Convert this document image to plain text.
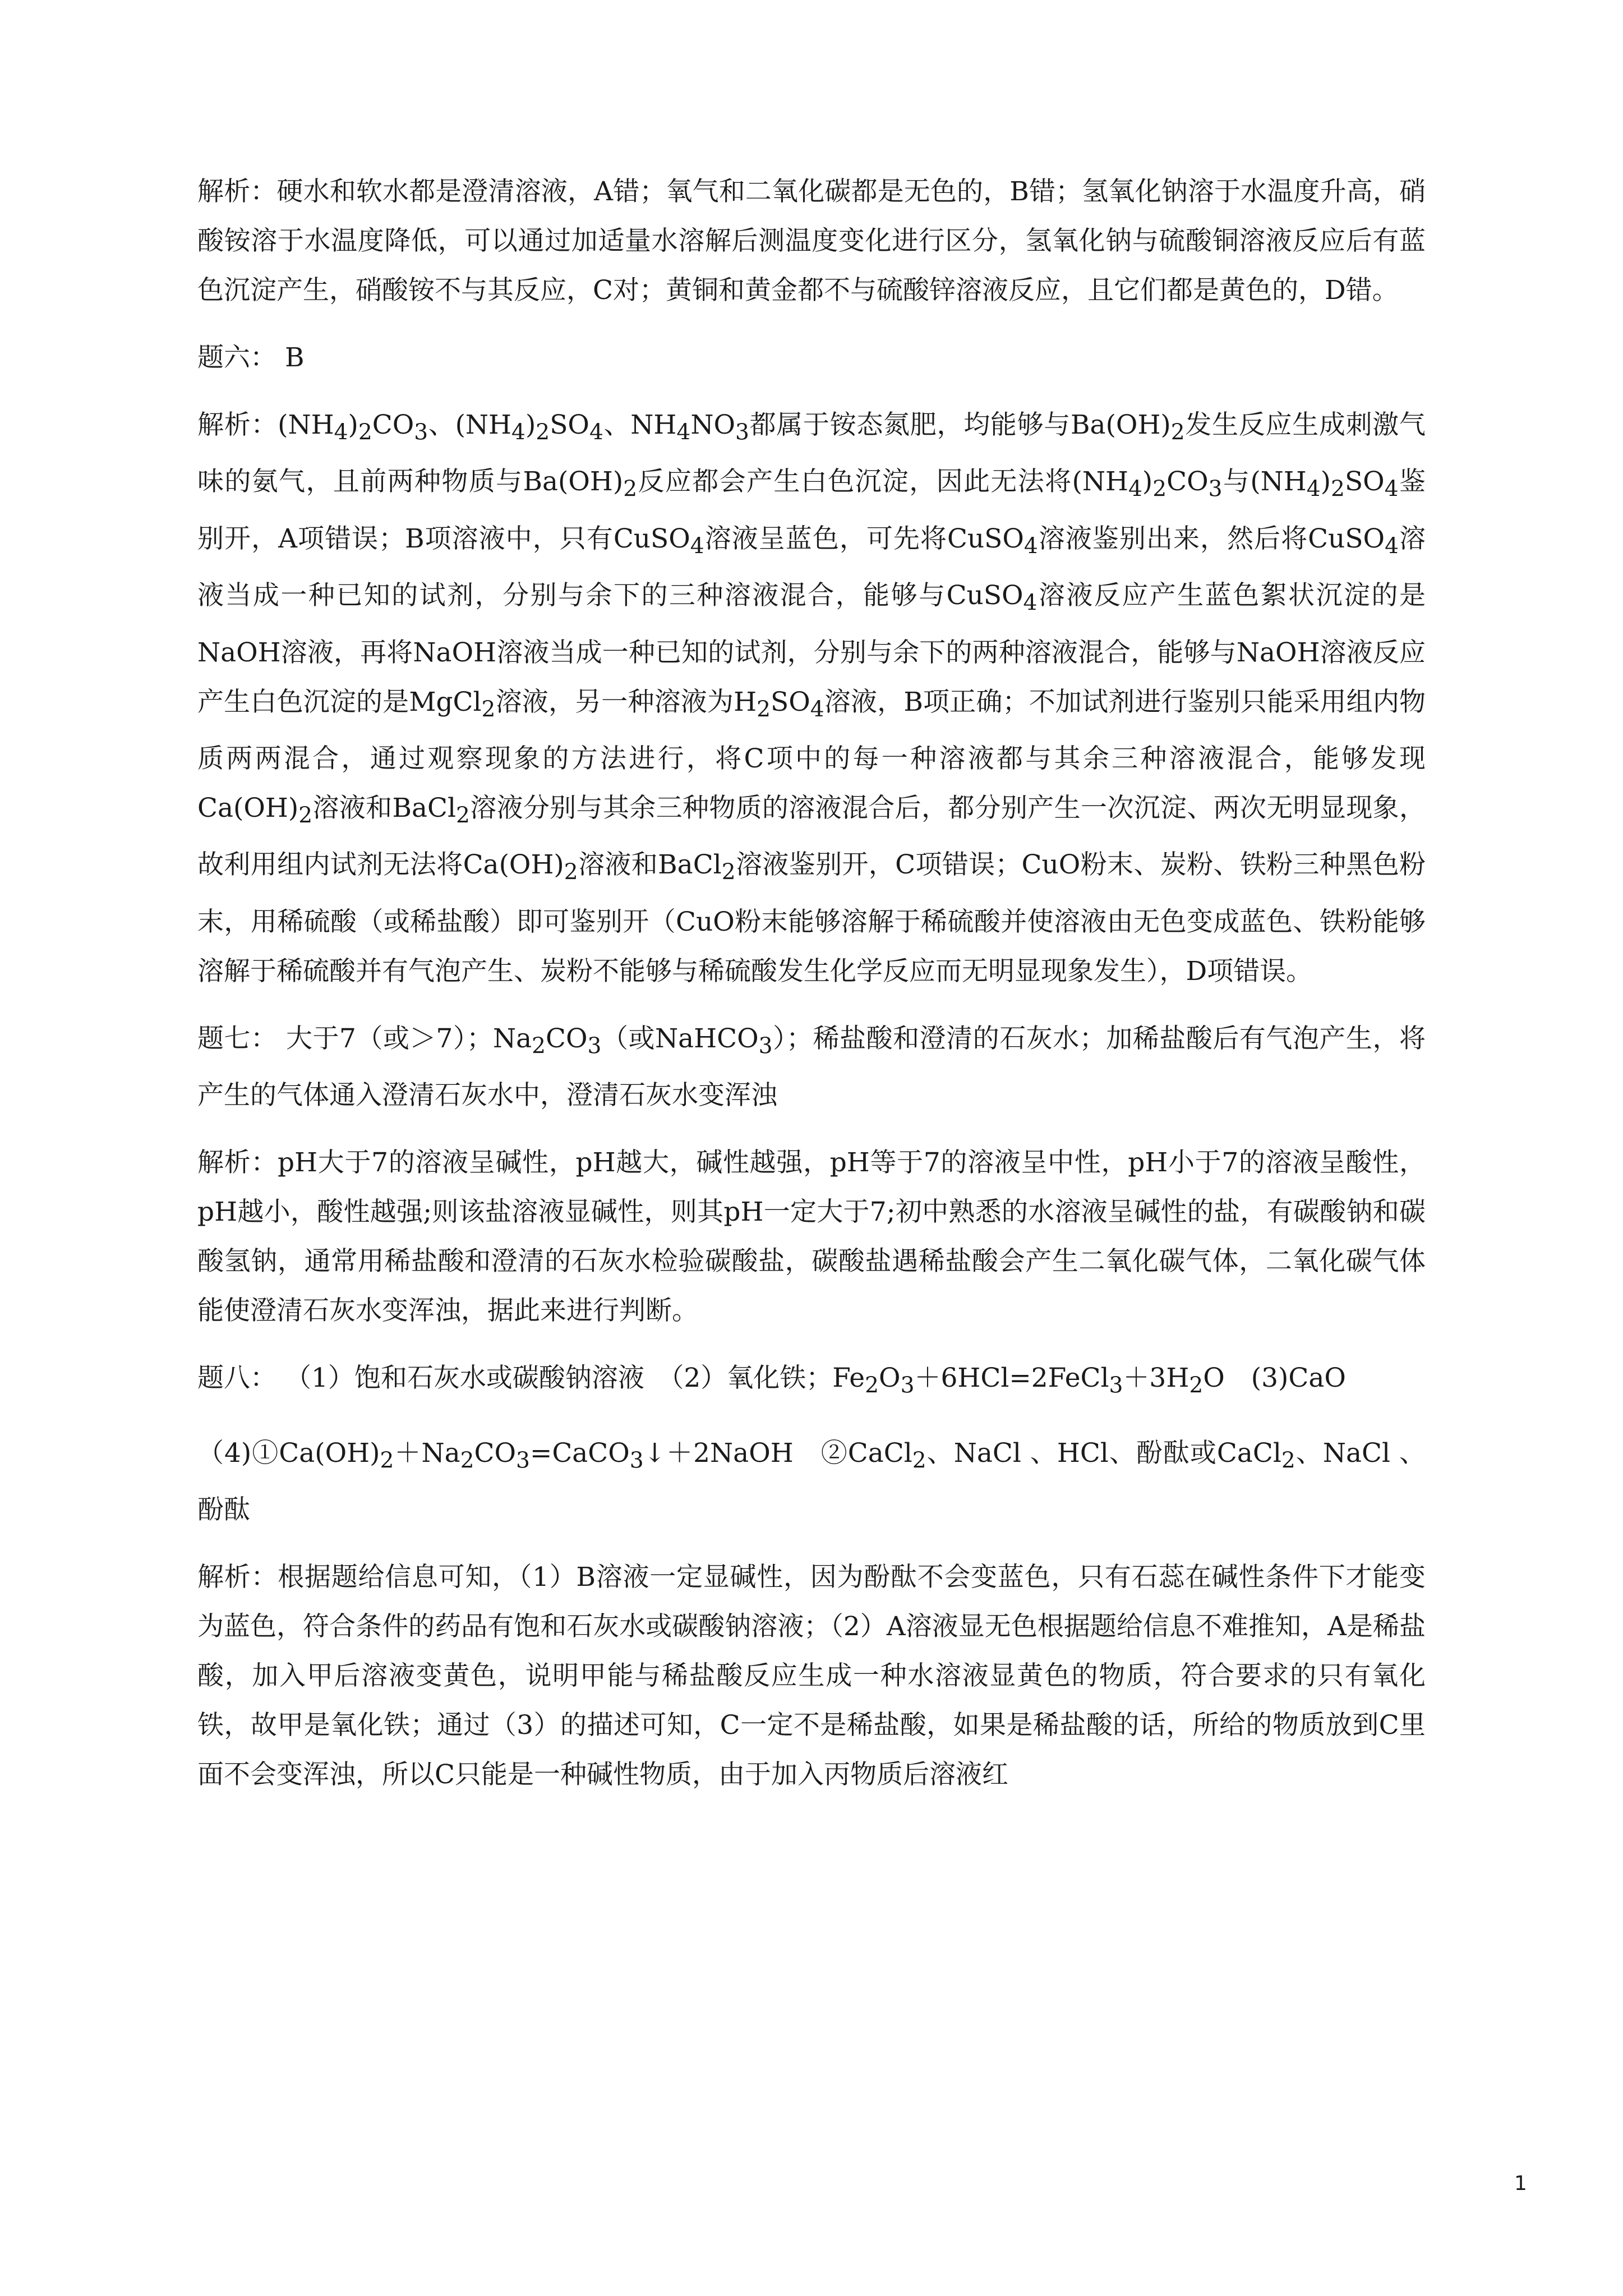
解析：硬水和软水都是澄清溶液，A错；氧气和二氧化碳都是无色的，B错；氢氧化钠溶于水温度升高，硝酸铵溶于水温度降低，可以通过加适量水溶解后测温度变化进行区分，氢氧化钠与硫酸铜溶液反应后有蓝色沉淀产生，硝酸铵不与其反应，C对；黄铜和黄金都不与硫酸锌溶液反应，且它们都是黄色的，D错。

题六： B

解析：$(NH_4)_2CO_3$、$(NH_4)_2SO_4$、$NH_4NO_3$都属于铵态氮肥，均能够与$Ba(OH)_2$发生反应生成刺激气味的氨气，且前两种物质与$Ba(OH)_2$反应都会产生白色沉淀，因此无法将$(NH_4)_2CO_3$与$(NH_4)_2SO_4$鉴别开，A项错误；B项溶液中，只有CuSO$_4$溶液呈蓝色，可先将CuSO$_4$溶液鉴别出来，然后将CuSO$_4$溶液当成一种已知的试剂，分别与余下的三种溶液混合，能够与CuSO$_4$溶液反应产生蓝色絮状沉淀的是NaOH溶液，再将NaOH溶液当成一种已知的试剂，分别与余下的两种溶液混合，能够与NaOH溶液反应产生白色沉淀的是MgCl$_2$溶液，另一种溶液为$H_2SO_4$溶液，B项正确；不加试剂进行鉴别只能采用组内物质两两混合，通过观察现象的方法进行，将C项中的每一种溶液都与其余三种溶液混合，能够发现$Ca(OH)_2$溶液和BaCl$_2$溶液分别与其余三种物质的溶液混合后，都分别产生一次沉淀、两次无明显现象，故利用组内试剂无法将$Ca(OH)_2$溶液和BaCl$_2$溶液鉴别开，C项错误；CuO粉末、炭粉、铁粉三种黑色粉末，用稀硫酸（或稀盐酸）即可鉴别开（CuO粉末能够溶解于稀硫酸并使溶液由无色变成蓝色、铁粉能够溶解于稀硫酸并有气泡产生、炭粉不能够与稀硫酸发生化学反应而无明显现象发生），D项错误。

题七： 大于7（或＞7）；$Na_2CO_3$（或NaHCO$_3$）；稀盐酸和澄清的石灰水；加稀盐酸后有气泡产生，将产生的气体通入澄清石灰水中，澄清石灰水变浑浊

解析：pH大于7的溶液呈碱性，pH越大，碱性越强，pH等于7的溶液呈中性，pH小于7的溶液呈酸性，pH越小，酸性越强;则该盐溶液显碱性，则其pH一定大于7;初中熟悉的水溶液呈碱性的盐，有碳酸钠和碳酸氢钠，通常用稀盐酸和澄清的石灰水检验碳酸盐，碳酸盐遇稀盐酸会产生二氧化碳气体，二氧化碳气体能使澄清石灰水变浑浊，据此来进行判断。

题八： （1）饱和石灰水或碳酸钠溶液　（2）氧化铁；$Fe_2O_3+6HCl=2FeCl_3+3H_2O$　(3)CaO

$(4)①Ca(OH)_2+Na_2CO_3=CaCO_3↓+2NaOH$　②CaCl$_2$、NaCl 、HCl、酚酞或CaCl$_2$、NaCl 、酚酞

解析：根据题给信息可知，（1）B溶液一定显碱性，因为酚酞不会变蓝色，只有石蕊在碱性条件下才能变为蓝色，符合条件的药品有饱和石灰水或碳酸钠溶液；（2）A溶液显无色根据题给信息不难推知，A是稀盐酸，加入甲后溶液变黄色，说明甲能与稀盐酸反应生成一种水溶液显黄色的物质，符合要求的只有氧化铁，故甲是氧化铁；通过（3）的描述可知，C一定不是稀盐酸，如果是稀盐酸的话，所给的物质放到C里面不会变浑浊，所以C只能是一种碱性物质，由于加入丙物质后溶液红

1
